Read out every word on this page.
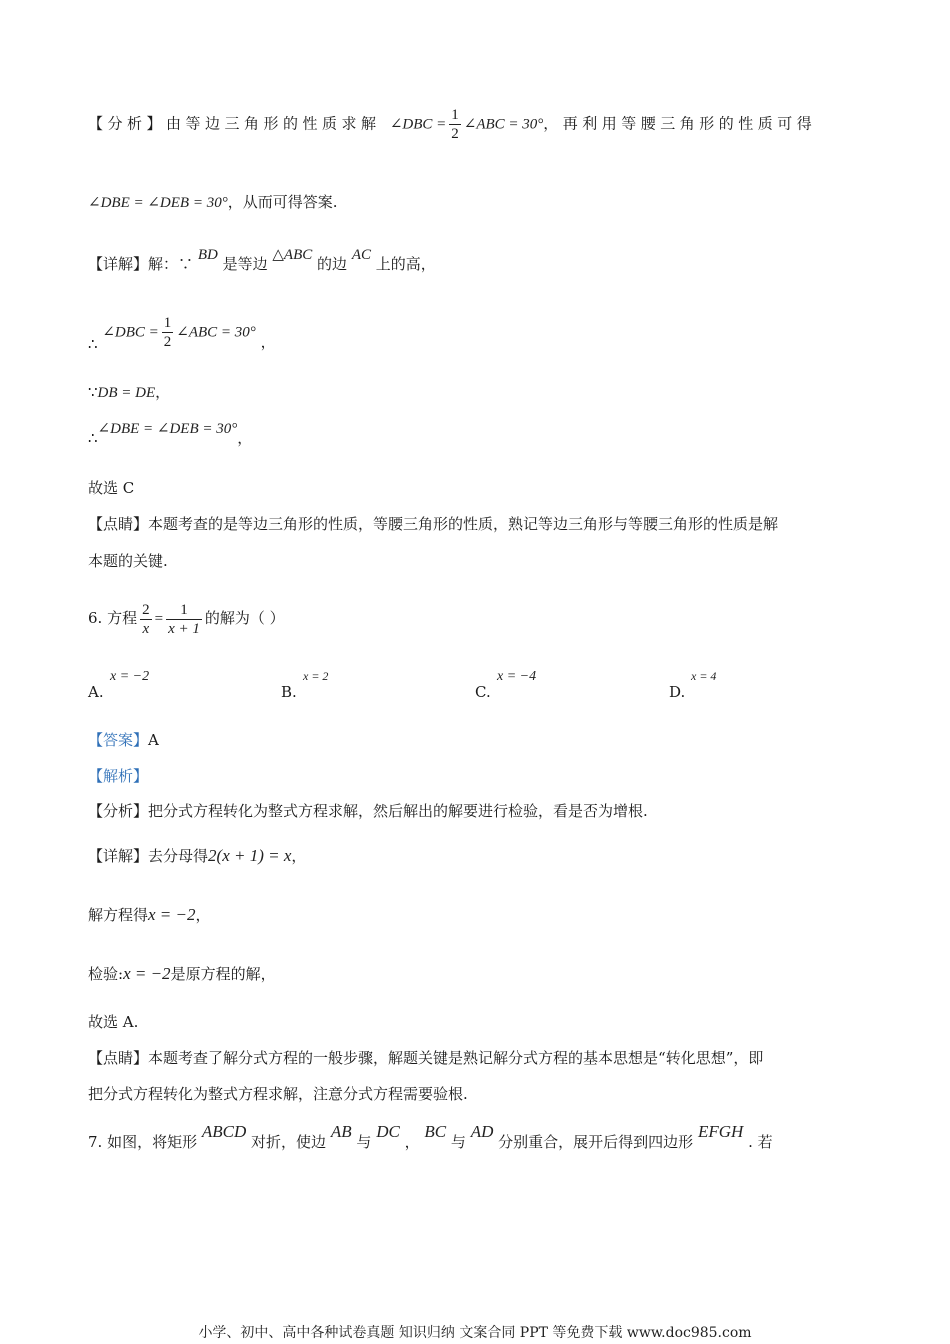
【分析】由等边三角形的性质求解 ∠DBC = $\frac{1}{2}$ ∠ABC = 30°，再利用等腰三角形的性质可得
∠DBE = ∠DEB = 30°，从而可得答案.
【详解】解：∵ BD 是等边 △ABC 的边 AC 上的高，
∴ ∠DBC = $\frac{1}{2}$ ∠ABC = 30° ，
∵DB = DE，
∴∠DBE = ∠DEB = 30°，
故选 C
【点睛】本题考查的是等边三角形的性质，等腰三角形的性质，熟记等边三角形与等腰三角形的性质是解
本题的关键.
6. 方程 $\frac{2}{x} = \frac{1}{x + 1}$ 的解为（ ）
A.
x = −2
B.
x = 2
C.
x = −4
D.
x = 4
【答案】A
【解析】
【分析】把分式方程转化为整式方程求解，然后解出的解要进行检验，看是否为增根.
【详解】去分母得2(x + 1) = x，
解方程得x = −2，
检验:x = −2是原方程的解，
故选 A.
【点睛】本题考查了解分式方程的一般步骤，解题关键是熟记解分式方程的基本思想是“转化思想”，即
把分式方程转化为整式方程求解，注意分式方程需要验根.
7. 如图，将矩形 ABCD 对折，使边 AB 与 DC ， BC 与 AD 分别重合，展开后得到四边形 EFGH . 若
小学、初中、高中各种试卷真题 知识归纳 文案合同 PPT 等免费下载 www.doc985.com
